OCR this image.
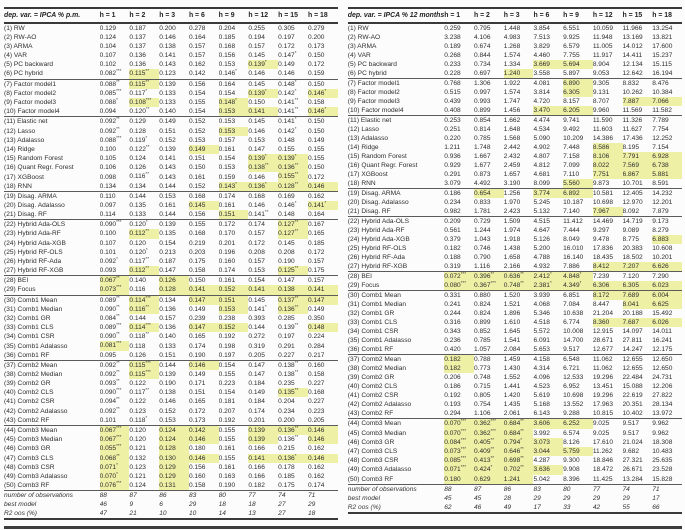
dep. var. = IPCA % p.m.	h = 1	h = 2	h = 3	h = 6	h = 9	h = 12	h = 15	h = 18
(1) RW	0.129	0.187	0.200	0.278	0.204	0.255	0.305	0.279
(2) RW-AO	0.124	0.137	0.146	0.164	0.185	0.194	0.197	0.200
(3) ARMA	0.104	0.137	0.138	0.157	0.168	0.157	0.172	0.173
(4) VAR	0.107	0.136	0.141	0.157	0.156	0.145	0.147*	0.150
(5) PC backward	0.102	0.136	0.143	0.162	0.153	0.139*	0.149	0.172
(6) PC hybrid	0.082***	0.115**	0.123	0.142	0.146*	0.146	0.146	0.159
(7) Factor model1	0.088**	0.115**	0.139	0.156	0.164	0.145	0.148*	0.150
(8) Factor model2	0.085***	0.117*	0.133	0.154	0.154	0.139*	0.142*	0.146*
(9) Factor model3	0.088*	0.108***	0.133	0.155	0.148*	0.150	0.141**	0.158
(10) Factor model4	0.094	0.120**	0.140	0.154	0.153	0.141	0.141**	0.146*
(11) Elastic net	0.092**	0.129	0.149	0.152	0.153	0.145	0.141*	0.150
(12) Lasso	0.092**	0.128	0.151	0.152	0.153	0.146	0.142*	0.150
(13) Adalasso	0.088***	0.119*	0.152	0.153	0.157	0.153	0.148	0.149
(14) Ridge	0.100	0.122**	0.139	0.149	0.161	0.147	0.155	0.155
(15) Random Forest	0.105	0.124	0.141	0.151	0.154	0.139*	0.139*	0.155
(16) Quant Regr. Forest	0.106	0.126	0.143	0.150	0.153	0.138**	0.136**	0.150
(17) XGBoost	0.098	0.116**	0.143	0.161	0.159	0.146	0.155**	0.172
(18) RNN	0.134	0.134	0.144	0.152	0.143*	0.136*	0.128**	0.146
(19) Disag. ARMA	0.110	0.144	0.153	0.168	0.174	0.168	0.169	0.162
(20) Disag. Adalasso	0.097	0.135	0.161	0.145	0.161	0.146	0.146*	0.141*
(21) Disag. RF	0.114	0.133	0.144	0.156	0.151	0.141**	0.148	0.164
(22) Hybrid Ada-OLS	0.090***	0.120*	0.139	0.155	0.172	0.174	0.127**	0.167
(23) Hybrid Ada-RF	0.100	0.112**	0.135	0.168	0.170	0.157	0.127**	0.165
(24) Hybrid Ada-XGB	0.107	0.120	0.154	0.219	0.201	0.172	0.145	0.185
(25) Hybrid RF-OLS	0.101	0.120*	0.213	0.203	0.196	0.208	0.208	0.172
(26) Hybrid RF-Ada	0.092*	0.117**	0.187	0.175	0.160	0.157	0.190	0.157
(27) Hybrid RF-XGB	0.093	0.112**	0.147	0.158	0.174	0.153	0.125**	0.175
(28) BEI	0.067**	0.140	0.126	0.150	0.161	0.154	0.147	0.157
(29) Focus	0.073***	0.116	0.128	0.141	0.152	0.141	0.138	0.141
(30) Comb1 Mean	0.089**	0.114***	0.134	0.147	0.151	0.145	0.137**	0.147
(31) Comb1 Median	0.090**	0.116**	0.136	0.149	0.153	0.141*	0.136**	0.149
(32) Comb1 GR	0.084**	0.144	0.157	0.239	0.238	0.393	0.285	0.350
(33) Comb1 CLS	0.089***	0.114***	0.136	0.147	0.152	0.144	0.139**	0.148
(34) Comb1 CSR	0.090**	0.118**	0.140	0.165	0.192	0.272	0.197	0.224
(35) Comb1 Adalasso	0.081***	0.118	0.133	0.174	0.198	0.319	0.291	0.284
(36) Comb1 RF	0.095	0.126	0.151	0.190	0.197	0.205	0.227	0.217
(37) Comb2 Mean	0.092**	0.115***	0.144	0.146	0.154	0.147	0.138**	0.160
(38) Comb2 Median	0.092**	0.115***	0.139	0.149	0.155	0.147	0.138**	0.158
(39) Comb2 GR	0.093**	0.122	0.190	0.171	0.223	0.184	0.235	0.227
(40) Comb2 CLS	0.090***	0.117**	0.138	0.151	0.154	0.149	0.135**	0.168
(41) Comb2 CSR	0.094**	0.122	0.146	0.165	0.181	0.184	0.204	0.227
(42) Comb2 Adalasso	0.092**	0.123	0.152	0.172	0.207	0.174	0.234	0.223
(43) Comb2 RF	0.101	0.118*	0.153	0.173	0.192	0.201	0.200	0.205
(44) Comb3 Mean	0.067***	0.120	0.124	0.142	0.155	0.139	0.136**	0.146
(45) Comb3 Median	0.067***	0.120	0.124	0.146	0.155	0.139	0.136**	0.146
(46) Comb3 GR	0.055***	0.121	0.128	0.180	0.161	0.166	0.215	0.162
(47) Comb3 CLS	0.068**	0.132	0.130	0.146	0.155	0.141	0.136*	0.146
(48) Comb3 CSR	0.071*	0.123	0.129	0.156	0.161	0.166	0.178	0.162
(49) Comb3 Adalasso	0.070*	0.121	0.129	0.160	0.163	0.166	0.185	0.162
(50) Comb3 RF	0.076***	0.124	0.131	0.158	0.190	0.182	0.175	0.174
number of observations	88	87	86	83	80	77	74	71
best model	46	9	6	29	18	18	27	29
R2 oos (%)	47	21	10	10	14	13	27	18
dep. var. = IPCA % 12 months	h = 1	h = 2	h = 3	h = 6	h = 9	h = 12	h = 15	h = 18
(1) RW	0.259	0.795	1.448	3.854	6.551	10.059	11.966	13.254
(2) RW-AO	3.238	4.106	4.983	7.513	9.925	11.948	13.169	13.821
(3) ARMA	0.189	0.674	1.268	3.829	6.579	11.005	14.012	17.600
(4) VAR	0.268	0.844	1.574	4.460	7.755	11.917	14.411	15.237
(5) PC backward	0.233	0.734	1.334	3.669	5.694	8.904	12.134	15.115
(6) PC hybrid	0.228	0.697	1.240	3.558	5.897	9.053	12.642	16.194
(7) Factor model1	0.768	1.306	1.922	4.081	6.890	9.305	8.832	8.476
(8) Factor model2	0.515	0.997	1.574	3.814	6.305	9.131	10.262	10.384
(9) Factor model3	0.439	0.993	1.747	4.720	8.157	8.707	7.887	7.066
(10) Factor model4	0.408	0.899	1.456	3.470	6.205	9.960	11.569	11.582
(11) Elastic net	0.253	0.854	1.662	4.474	9.741	11.590	11.326	7.789
(12) Lasso	0.251	0.814	1.648	4.534	9.492	11.603	11.627	7.754
(13) Adalasso	0.220	0.785	1.568	5.090	10.209	14.386	17.436	12.252
(14) Ridge	1.211	1.748	2.442	4.902	7.448	8.586	8.195	7.154
(15) Random Forest	0.936	1.667	2.432	4.807	7.158	8.106	7.791	6.928
(16) Quant Regr. Forest	0.929	1.677	2.459	4.812	7.099	8.022	7.569	6.738
(17) XGBoost	0.291	0.873	1.657	4.681	7.110	7.751	6.867	5.881
(18) RNN	3.079	4.492	3.190	8.099	5.560	9.873	10.701	8.591
(19) Disag. ARMA	0.186	0.654	1.256	3.774	6.892	10.581	12.405	14.232
(20) Disag. Adalasso	0.234	0.833	1.970	5.245	10.187	10.698	12.970	12.201
(21) Disag. RF	0.982	1.781	2.423	5.132	7.140	7.967	8.092	7.879
(22) Hybrid Ada-OLS	0.209	0.729	1.509	4.515	11.412	14.469	14.719	9.173
(23) Hybrid Ada-RF	0.561	1.244	1.974	4.647	7.444	9.297	9.089	8.279
(24) Hybrid Ada-XGB	0.379	1.043	1.918	5.126	8.049	9.478	8.775	6.883
(25) Hybrid RF-OLS	0.182	0.746	1.438	5.200	16.010	17.836	20.383	10.608
(26) Hybrid RF-Ada	0.188	0.790	1.658	4.788	16.140	18.435	18.502	10.201
(27) Hybrid RF-XGB	0.319	1.116	2.166	4.932	7.886	8.412	7.207	6.626
(28) BEI	0.072***	0.396**	0.636**	2.412*	4.848*	7.239	7.120	7.290
(29) Focus	0.080***	0.367***	0.748**	2.381*	4.349*	6.306	6.305	6.023
(30) Comb1 Mean	0.331	0.880	1.520	3.939	6.851	8.172	7.689	6.004
(31) Comb1 Median	0.241	0.824	1.521	4.068	7.084	8.447	8.041	6.625
(32) Comb1 GR	0.244	0.824	1.896	5.346	10.638	21.204	20.188	15.492
(33) Comb1 CLS	0.316	0.899	1.610	4.518	6.774	8.360	7.687	6.026
(34) Comb1 CSR	0.343	0.852	1.645	5.572	10.008	12.915	14.097	14.011
(35) Comb1 Adalasso	0.236	0.785	1.541	6.091	14.700	28.671	27.811	16.241
(36) Comb1 RF	0.420	1.057	2.084	5.653	9.517	12.677	14.247	12.175
(37) Comb2 Mean	0.182	0.788	1.459	4.158	6.548	11.062	12.655	12.650
(38) Comb2 Median	0.182	0.773	1.430	4.314	6.721	11.062	12.655	12.650
(39) Comb2 GR	0.206	0.748	1.552	4.096	12.533	19.296	22.484	24.731
(40) Comb2 CLS	0.186	0.715	1.441	4.523	6.952	13.451	15.088	12.206
(41) Comb2 CSR	0.192	0.805	1.420	5.619	10.698	19.296	22.619	27.822
(42) Comb2 Adalasso	0.193	0.754	1.435	5.168	13.552	17.963	20.351	28.134
(43) Comb2 RF	0.294	1.106	2.061	6.143	9.288	10.815	10.402	13.972
(44) Comb3 Mean	0.070***	0.362***	0.684**	3.606	6.252	9.025	9.517	9.962
(45) Comb3 Median	0.070***	0.362***	0.684**	3.992	6.574	9.025	9.517	9.962
(46) Comb3 GR	0.084***	0.405**	0.794*	3.073	8.126	17.610	21.024	18.308
(47) Comb3 CLS	0.073***	0.409**	0.646**	3.044	5.759	11.262	9.682	10.483
(48) Comb3 CSR	0.085***	0.413**	0.698**	4.287	9.300	18.846	27.321	25.635
(49) Comb3 Adalasso	0.071***	0.424*	0.702**	3.636	9.908	18.472	26.671	23.528
(50) Comb3 RF	0.180	0.629	1.241	5.042	8.396	11.425	13.284	15.828
number of observations	88	87	86	83	80	77	74	71
best model	45	45	28	29	29	29	29	17
R2 oos (%)	62	46	49	17	33	42	55	66
